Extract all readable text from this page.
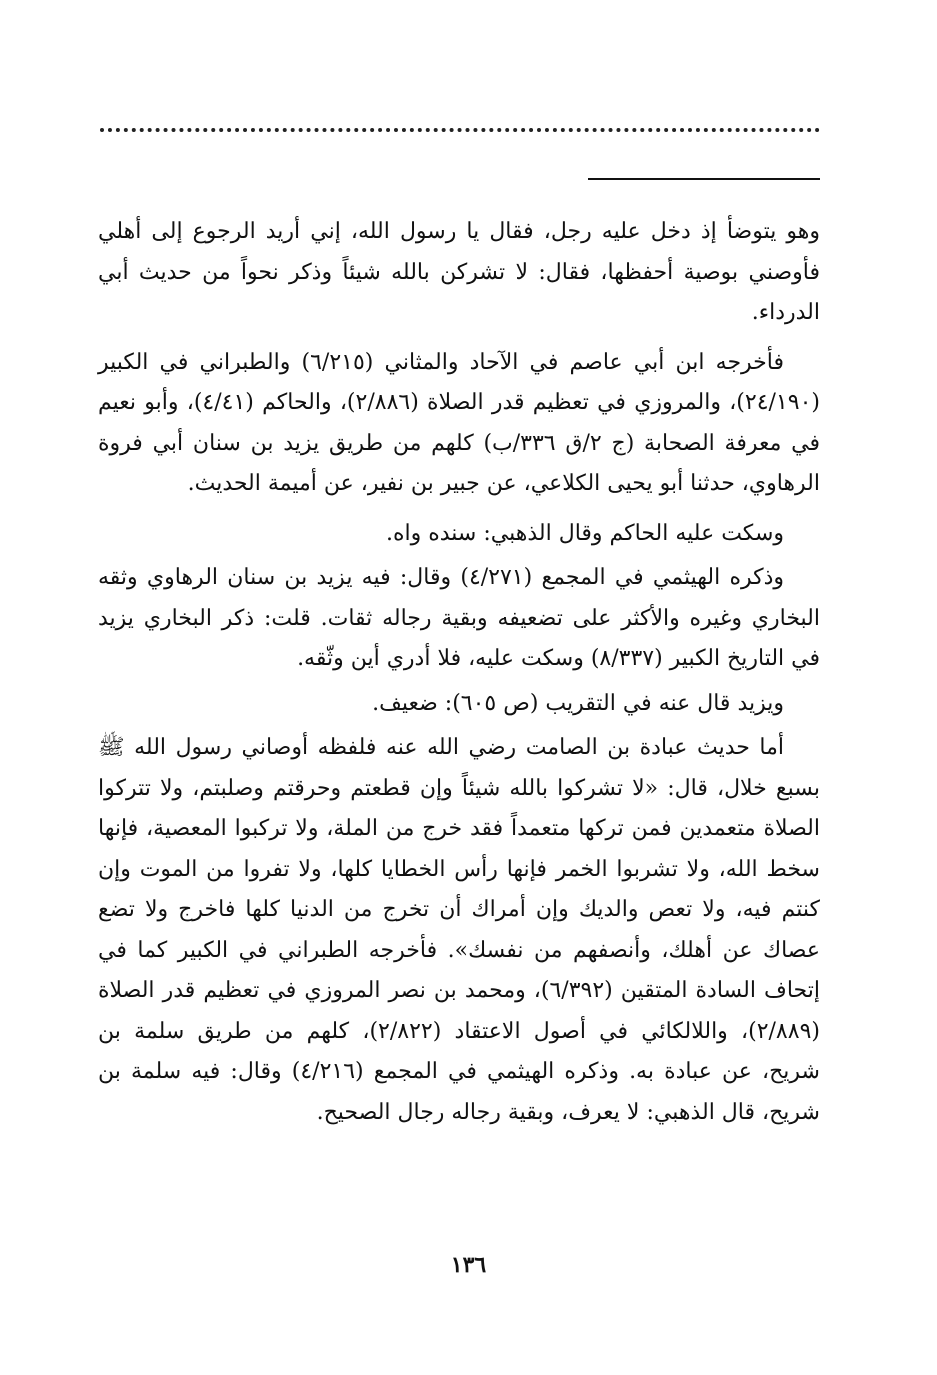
وهو يتوضأ إذ دخل عليه رجل، فقال يا رسول الله، إني أريد الرجوع إلى أهلي فأوصني بوصية أحفظها، فقال: لا تشركن بالله شيئاً وذكر نحواً من حديث أبي الدرداء.

فأخرجه ابن أبي عاصم في الآحاد والمثاني (٦/٢١٥) والطبراني في الكبير (٢٤/١٩٠)، والمروزي في تعظيم قدر الصلاة (٢/٨٨٦)، والحاكم (٤/٤١)، وأبو نعيم في معرفة الصحابة (ج ٢/ق ٣٣٦/ب) كلهم من طريق يزيد بن سنان أبي فروة الرهاوي، حدثنا أبو يحيى الكلاعي، عن جبير بن نفير، عن أميمة الحديث.

وسكت عليه الحاكم وقال الذهبي: سنده واه.

وذكره الهيثمي في المجمع (٤/٢٧١) وقال: فيه يزيد بن سنان الرهاوي وثقه البخاري وغيره والأكثر على تضعيفه وبقية رجاله ثقات. قلت: ذكر البخاري يزيد في التاريخ الكبير (٨/٣٣٧) وسكت عليه، فلا أدري أين وثّقه.

ويزيد قال عنه في التقريب (ص ٦٠٥): ضعيف.

أما حديث عبادة بن الصامت رضي الله عنه فلفظه أوصاني رسول الله ﷺ بسبع خلال، قال: «لا تشركوا بالله شيئاً وإن قطعتم وحرقتم وصلبتم، ولا تتركوا الصلاة متعمدين فمن تركها متعمداً فقد خرج من الملة، ولا تركبوا المعصية، فإنها سخط الله، ولا تشربوا الخمر فإنها رأس الخطايا كلها، ولا تفروا من الموت وإن كنتم فيه، ولا تعص والديك وإن أمراك أن تخرج من الدنيا كلها فاخرج ولا تضع عصاك عن أهلك، وأنصفهم من نفسك». فأخرجه الطبراني في الكبير كما في إتحاف السادة المتقين (٦/٣٩٢)، ومحمد بن نصر المروزي في تعظيم قدر الصلاة (٢/٨٨٩)، واللالكائي في أصول الاعتقاد (٢/٨٢٢)، كلهم من طريق سلمة بن شريح، عن عبادة به. وذكره الهيثمي في المجمع (٤/٢١٦) وقال: فيه سلمة بن شريح، قال الذهبي: لا يعرف، وبقية رجاله رجال الصحيح.

١٣٦
